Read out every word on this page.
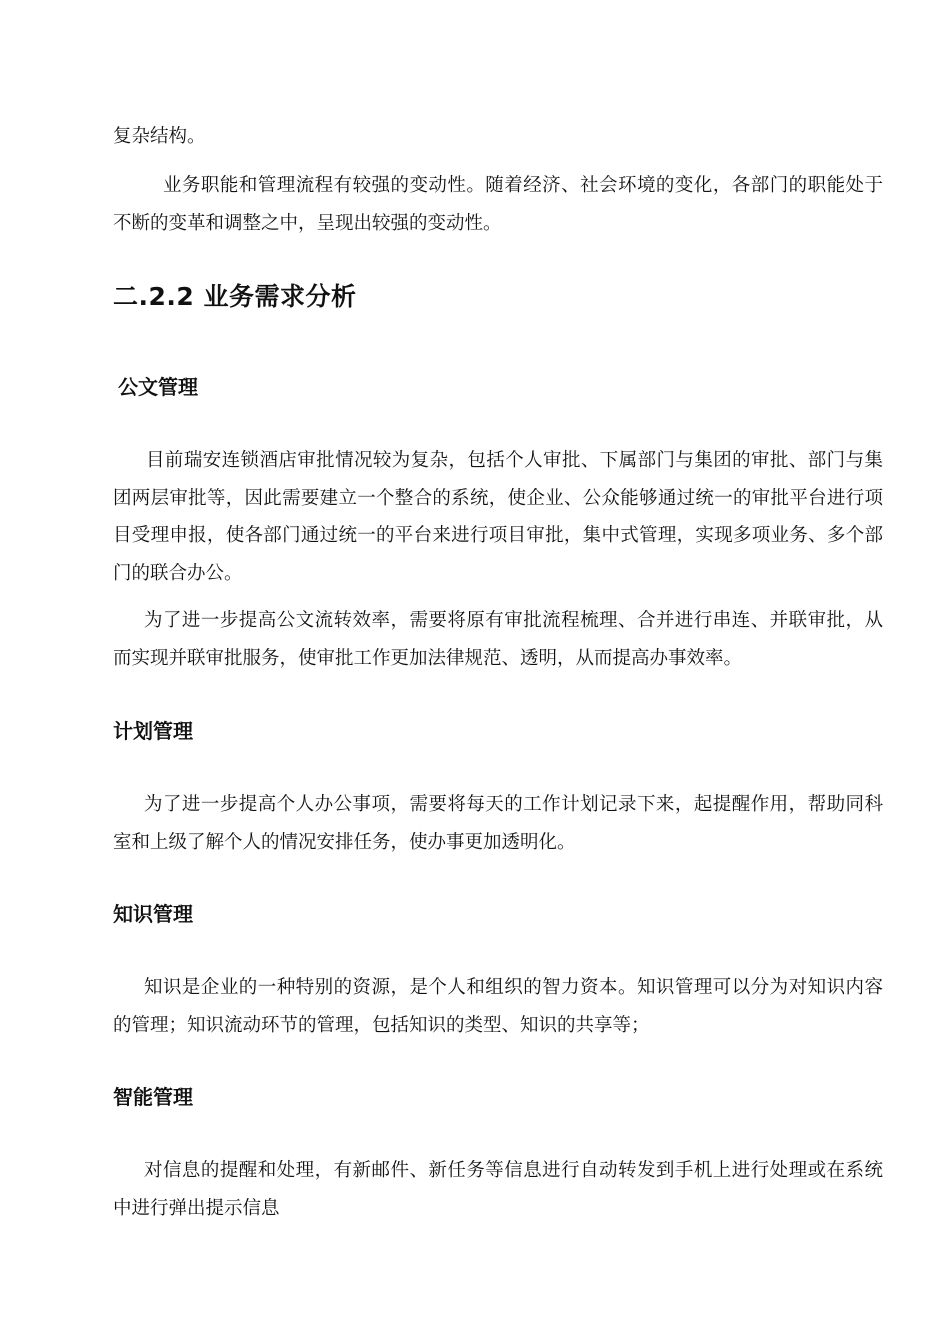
复杂结构。

业务职能和管理流程有较强的变动性。随着经济、社会环境的变化，各部门的职能处于不断的变革和调整之中，呈现出较强的变动性。

二.2.2 业务需求分析
公文管理

目前瑞安连锁酒店审批情况较为复杂，包括个人审批、下属部门与集团的审批、部门与集团两层审批等，因此需要建立一个整合的系统，使企业、公众能够通过统一的审批平台进行项目受理申报，使各部门通过统一的平台来进行项目审批，集中式管理，实现多项业务、多个部门的联合办公。

为了进一步提高公文流转效率，需要将原有审批流程梳理、合并进行串连、并联审批，从而实现并联审批服务，使审批工作更加法律规范、透明，从而提高办事效率。

计划管理

为了进一步提高个人办公事项，需要将每天的工作计划记录下来，起提醒作用，帮助同科室和上级了解个人的情况安排任务，使办事更加透明化。

知识管理

知识是企业的一种特别的资源，是个人和组织的智力资本。知识管理可以分为对知识内容的管理；知识流动环节的管理，包括知识的类型、知识的共享等；

智能管理

对信息的提醒和处理，有新邮件、新任务等信息进行自动转发到手机上进行处理或在系统中进行弹出提示信息
